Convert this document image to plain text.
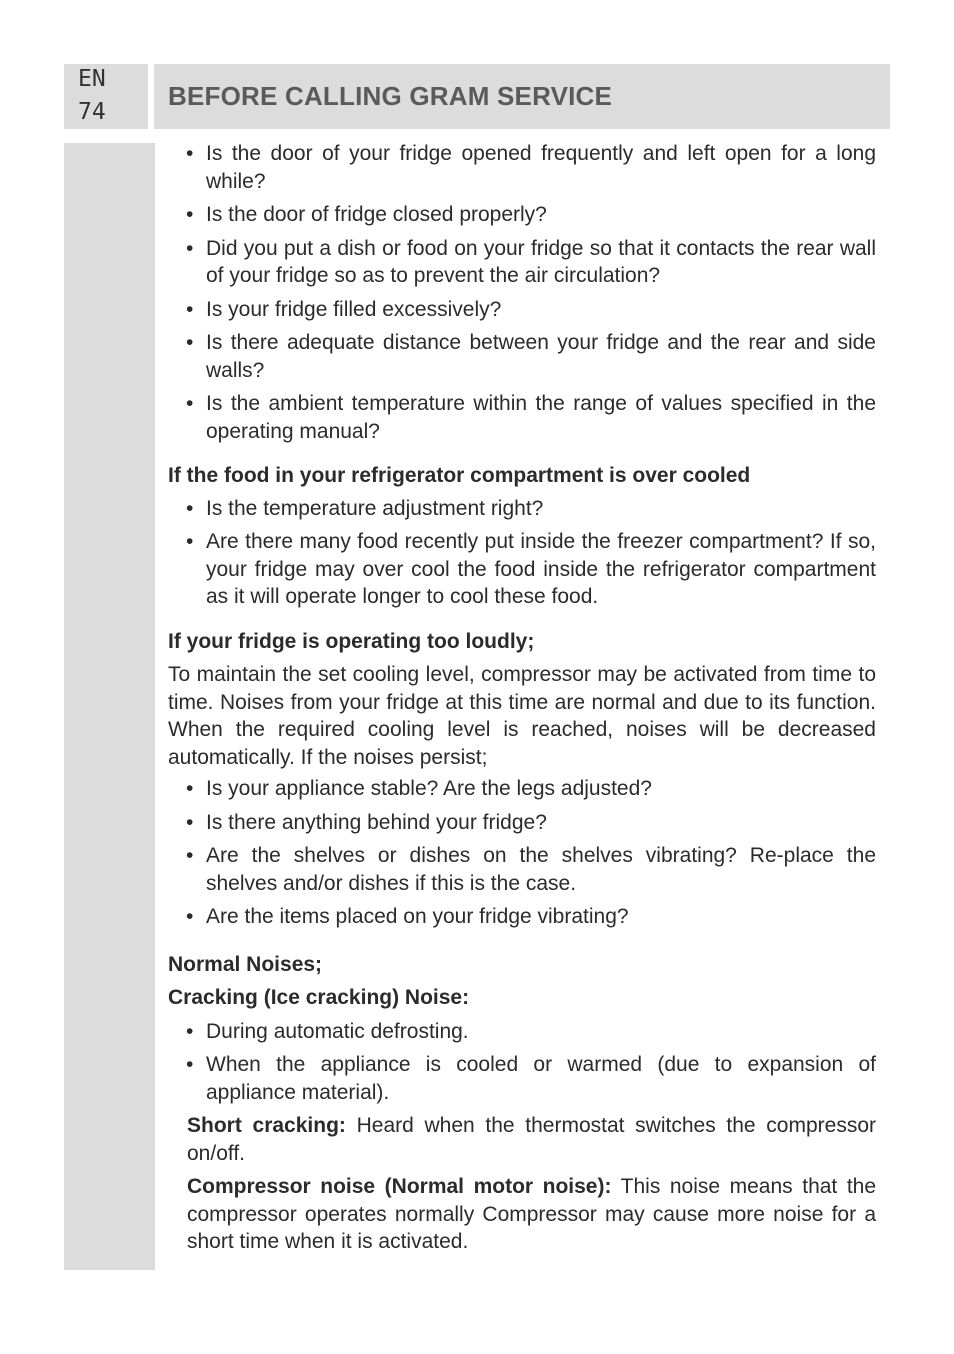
EN
74
BEFORE CALLING GRAM SERVICE
• Is the door of your fridge opened frequently and left open for a long while?
• Is the door of fridge closed properly?
• Did you put a dish or food on your fridge so that it contacts the rear wall of your fridge so as to prevent the air circulation?
• Is your fridge filled excessively?
• Is there adequate distance between your fridge and the rear and side walls?
• Is the ambient temperature within the range of values specified in the operating manual?

If the food in your refrigerator compartment is over cooled

• Is the temperature adjustment right?
• Are there many food recently put inside the freezer compartment? If so, your fridge may over cool the food inside the refrigerator compartment as it will operate longer to cool these food.

If your fridge is operating too loudly;

To maintain the set cooling level, compressor may be activated from time to time. Noises from your fridge at this time are normal and due to its function. When the required cooling level is reached, noises will be decreased automatically. If the noises persist;

• Is your appliance stable? Are the legs adjusted?
• Is there anything behind your fridge?
• Are the shelves or dishes on the shelves vibrating? Re-place the shelves and/or dishes if this is the case.
• Are the items placed on your fridge vibrating?

Normal Noises;

Cracking (Ice cracking) Noise:

• During automatic defrosting.
• When the appliance is cooled or warmed (due to expansion of appliance material).

Short cracking: Heard when the thermostat switches the compressor on/off.

Compressor noise (Normal motor noise): This noise means that the compressor operates normally Compressor may cause more noise for a short time when it is activated.
